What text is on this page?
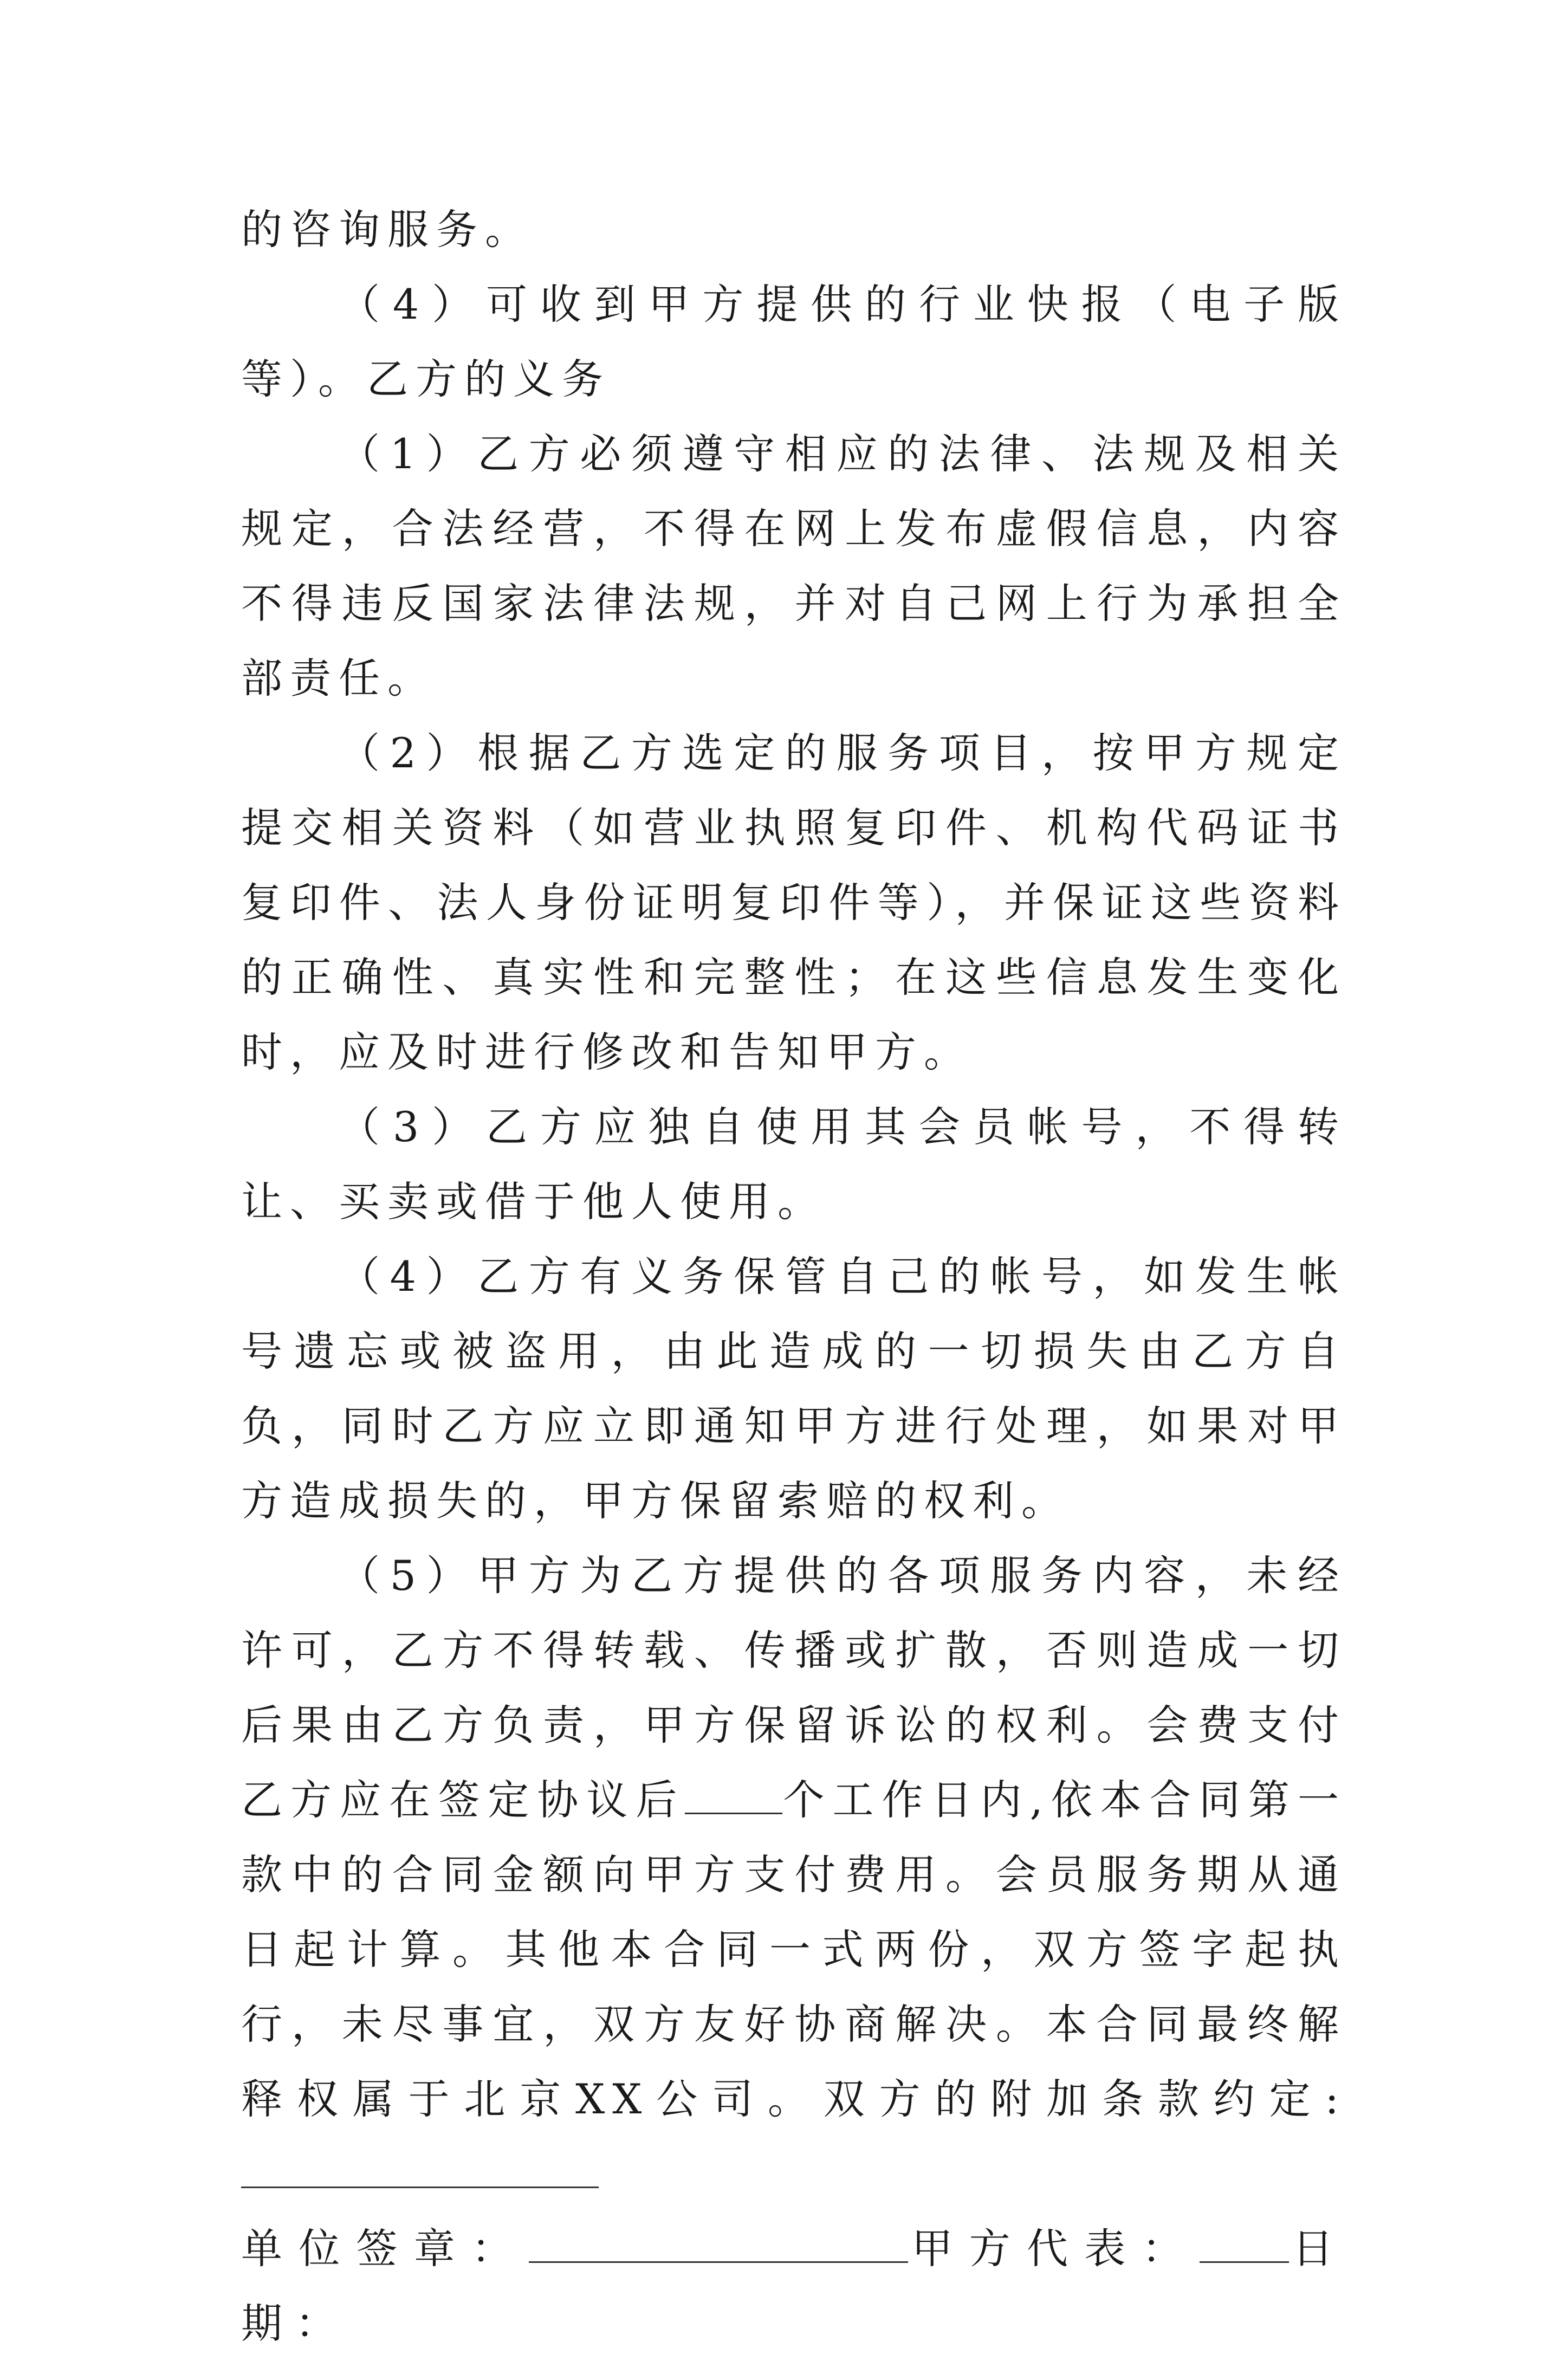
的咨询服务。

（4）可收到甲方提供的行业快报（电子版等）。乙方的义务

（1）乙方必须遵守相应的法律、法规及相关规定，合法经营，不得在网上发布虚假信息，内容不得违反国家法律法规，并对自己网上行为承担全部责任。

（2）根据乙方选定的服务项目，按甲方规定提交相关资料（如营业执照复印件、机构代码证书复印件、法人身份证明复印件等），并保证这些资料的正确性、真实性和完整性；在这些信息发生变化时，应及时进行修改和告知甲方。

（3）乙方应独自使用其会员帐号，不得转让、买卖或借于他人使用。

（4）乙方有义务保管自己的帐号，如发生帐号遗忘或被盗用，由此造成的一切损失由乙方自负，同时乙方应立即通知甲方进行处理，如果对甲方造成损失的，甲方保留索赔的权利。

（5）甲方为乙方提供的各项服务内容，未经许可，乙方不得转载、传播或扩散，否则造成一切后果由乙方负责，甲方保留诉讼的权利。会费支付乙方应在签定协议后 个工作日内,依本合同第一款中的合同金额向甲方支付费用。会员服务期从通日起计算。其他本合同一式两份，双方签字起执行，未尽事宜，双方友好协商解决。本合同最终解释权属于北京XX公司。双方的附加条款约定:

单位签章：	甲方代表： 日期：
